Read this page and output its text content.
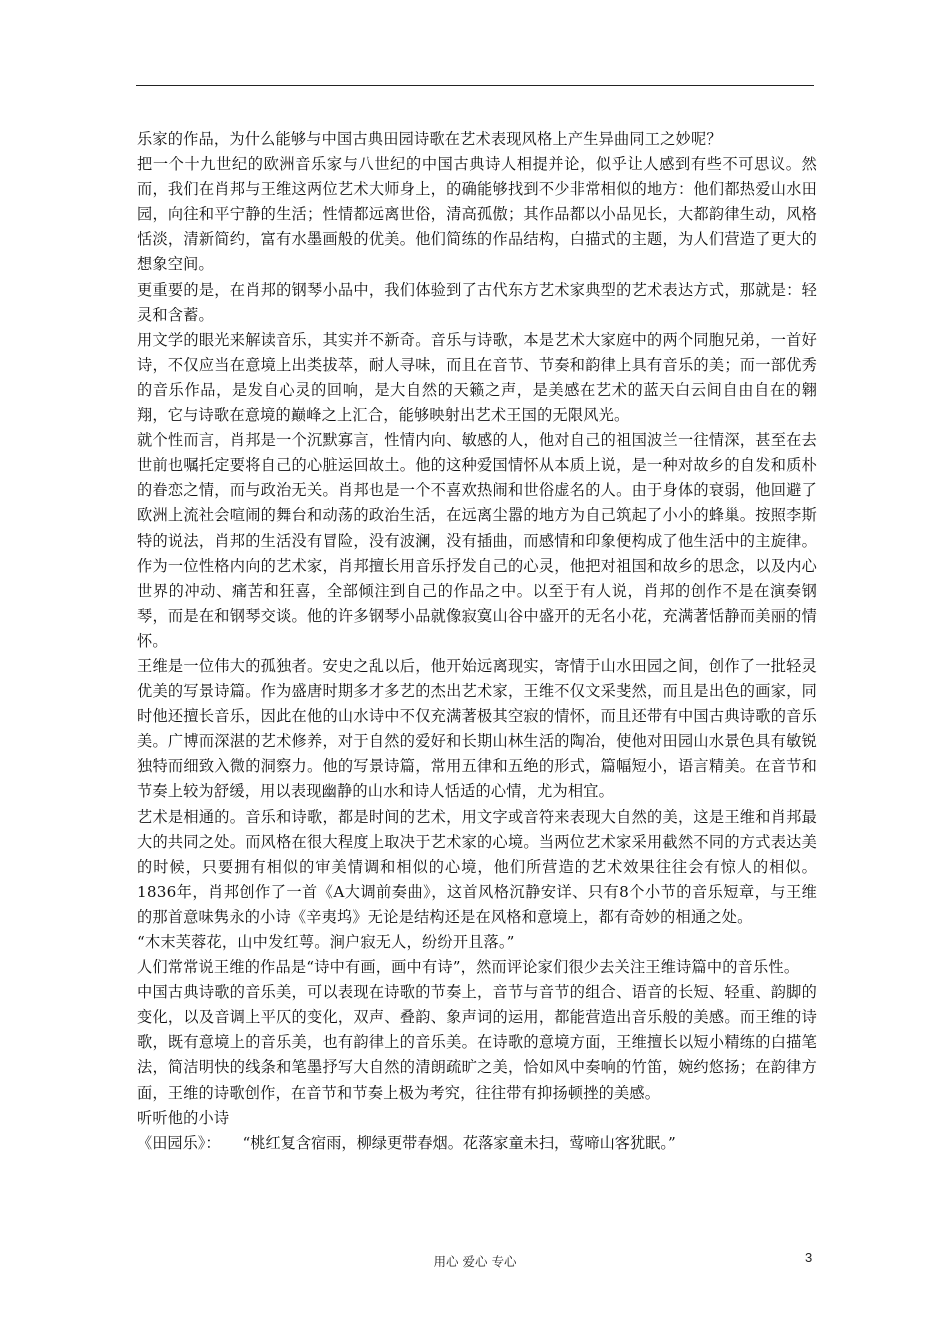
乐家的作品，为什么能够与中国古典田园诗歌在艺术表现风格上产生异曲同工之妙呢？

把一个十九世纪的欧洲音乐家与八世纪的中国古典诗人相提并论，似乎让人感到有些不可思议。然而，我们在肖邦与王维这两位艺术大师身上，的确能够找到不少非常相似的地方：他们都热爱山水田园，向往和平宁静的生活；性情都远离世俗，清高孤傲；其作品都以小品见长，大都韵律生动，风格恬淡，清新简约，富有水墨画般的优美。他们简练的作品结构，白描式的主题，为人们营造了更大的想象空间。

更重要的是，在肖邦的钢琴小品中，我们体验到了古代东方艺术家典型的艺术表达方式，那就是：轻灵和含蓄。

用文学的眼光来解读音乐，其实并不新奇。音乐与诗歌，本是艺术大家庭中的两个同胞兄弟，一首好诗，不仅应当在意境上出类拔萃，耐人寻味，而且在音节、节奏和韵律上具有音乐的美；而一部优秀的音乐作品，是发自心灵的回响，是大自然的天籁之声，是美感在艺术的蓝天白云间自由自在的翱翔，它与诗歌在意境的巅峰之上汇合，能够映射出艺术王国的无限风光。

就个性而言，肖邦是一个沉默寡言，性情内向、敏感的人，他对自己的祖国波兰一往情深，甚至在去世前也嘱托定要将自己的心脏运回故土。他的这种爱国情怀从本质上说，是一种对故乡的自发和质朴的眷恋之情，而与政治无关。肖邦也是一个不喜欢热闹和世俗虚名的人。由于身体的衰弱，他回避了欧洲上流社会喧闹的舞台和动荡的政治生活，在远离尘嚣的地方为自己筑起了小小的蜂巢。按照李斯特的说法，肖邦的生活没有冒险，没有波澜，没有插曲，而感情和印象便构成了他生活中的主旋律。作为一位性格内向的艺术家，肖邦擅长用音乐抒发自己的心灵，他把对祖国和故乡的思念，以及内心世界的冲动、痛苦和狂喜，全部倾注到自己的作品之中。以至于有人说，肖邦的创作不是在演奏钢琴，而是在和钢琴交谈。他的许多钢琴小品就像寂寞山谷中盛开的无名小花，充满著恬静而美丽的情怀。

王维是一位伟大的孤独者。安史之乱以后，他开始远离现实，寄情于山水田园之间，创作了一批轻灵优美的写景诗篇。作为盛唐时期多才多艺的杰出艺术家，王维不仅文采斐然，而且是出色的画家，同时他还擅长音乐，因此在他的山水诗中不仅充满著极其空寂的情怀，而且还带有中国古典诗歌的音乐美。广博而深湛的艺术修养，对于自然的爱好和长期山林生活的陶冶，使他对田园山水景色具有敏锐独特而细致入微的洞察力。他的写景诗篇，常用五律和五绝的形式，篇幅短小，语言精美。在音节和节奏上较为舒缓，用以表现幽静的山水和诗人恬适的心情，尤为相宜。

艺术是相通的。音乐和诗歌，都是时间的艺术，用文字或音符来表现大自然的美，这是王维和肖邦最大的共同之处。而风格在很大程度上取决于艺术家的心境。当两位艺术家采用截然不同的方式表达美的时候，只要拥有相似的审美情调和相似的心境，他们所营造的艺术效果往往会有惊人的相似。1836年，肖邦创作了一首《A大调前奏曲》，这首风格沉静安详、只有8个小节的音乐短章，与王维的那首意味隽永的小诗《辛夷坞》无论是结构还是在风格和意境上，都有奇妙的相通之处。

“木末芙蓉花，山中发红萼。涧户寂无人，纷纷开且落。”

人们常常说王维的作品是“诗中有画，画中有诗”，然而评论家们很少去关注王维诗篇中的音乐性。

中国古典诗歌的音乐美，可以表现在诗歌的节奏上，音节与音节的组合、语音的长短、轻重、韵脚的变化，以及音调上平仄的变化，双声、叠韵、象声词的运用，都能营造出音乐般的美感。而王维的诗歌，既有意境上的音乐美，也有韵律上的音乐美。在诗歌的意境方面，王维擅长以短小精练的白描笔法，简洁明快的线条和笔墨抒写大自然的清朗疏旷之美，恰如风中奏响的竹笛，婉约悠扬；在韵律方面，王维的诗歌创作，在音节和节奏上极为考究，往往带有抑扬顿挫的美感。

听听他的小诗

《田园乐》： “桃红复含宿雨，柳绿更带春烟。花落家童未扫，莺啼山客犹眠。”

用心 爱心 专心	3
